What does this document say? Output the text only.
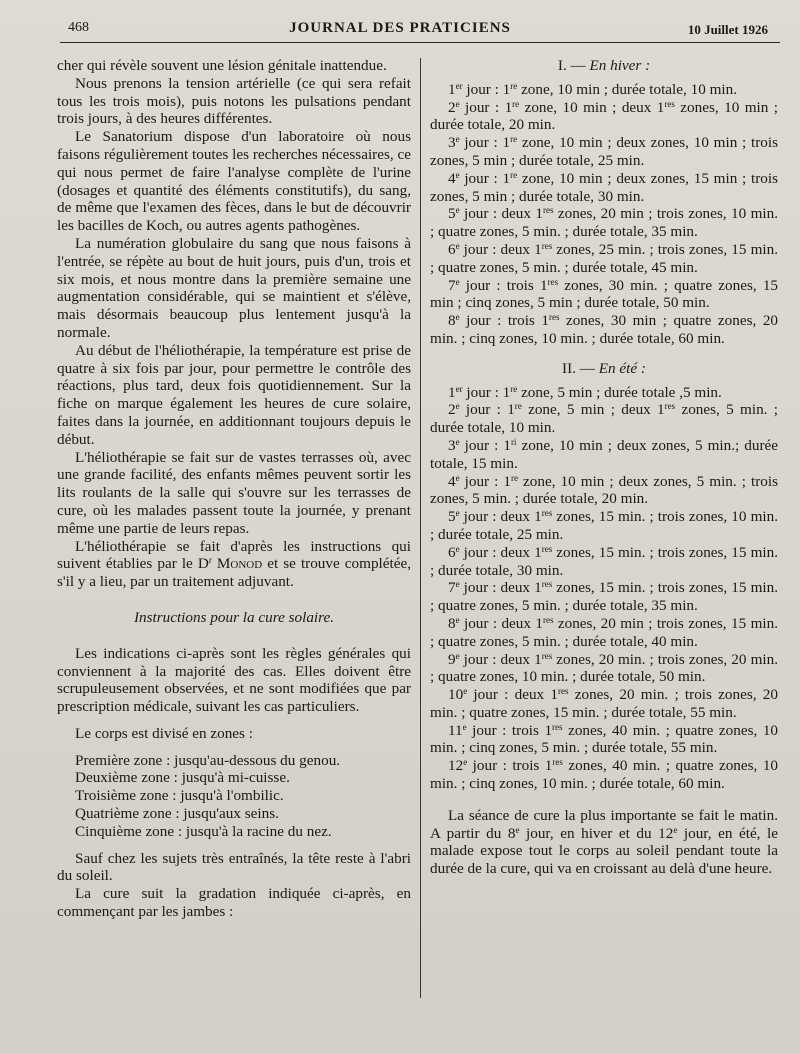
468	JOURNAL DES PRATICIENS	10 Juillet 1926

cher qui révèle souvent une lésion génitale inattendue.

Nous prenons la tension artérielle (ce qui sera refait tous les trois mois), puis notons les pulsations pendant trois jours, à des heures différentes.

Le Sanatorium dispose d'un laboratoire où nous faisons régulièrement toutes les recherches nécessaires, ce qui nous permet de faire l'analyse complète de l'urine (dosages et quantité des éléments constitutifs), du sang, de même que l'examen des fèces, dans le but de découvrir les bacilles de Koch, ou autres agents pathogènes.

La numération globulaire du sang que nous faisons à l'entrée, se répète au bout de huit jours, puis d'un, trois et six mois, et nous montre dans la première semaine une augmentation considérable, qui se maintient et s'élève, mais désormais beaucoup plus lentement jusqu'à la normale.

Au début de l'héliothérapie, la température est prise de quatre à six fois par jour, pour permettre le contrôle des réactions, plus tard, deux fois quotidiennement. Sur la fiche on marque également les heures de cure solaire, faites dans la journée, en additionnant toujours depuis le début.

L'héliothérapie se fait sur de vastes terrasses où, avec une grande facilité, des enfants mêmes peuvent sortir les lits roulants de la salle qui s'ouvre sur les terrasses de cure, où les malades passent toute la journée, y prenant même une partie de leurs repas.

L'héliothérapie se fait d'après les instructions qui suivent établies par le $D^r$ Monod et se trouve complétée, s'il y a lieu, par un traitement adjuvant.

Instructions pour la cure solaire.

Les indications ci-après sont les règles générales qui conviennent à la majorité des cas. Elles doivent être scrupuleusement observées, et ne sont modifiées que par prescription médicale, suivant les cas particuliers.

Le corps est divisé en zones :

Première zone : jusqu'au-dessous du genou.
Deuxième zone : jusqu'à mi-cuisse.
Troisième zone : jusqu'à l'ombilic.
Quatrième zone : jusqu'aux seins.
Cinquième zone : jusqu'à la racine du nez.

Sauf chez les sujets très entraînés, la tête reste à l'abri du soleil.

La cure suit la gradation indiquée ci-après, en commençant par les jambes :

I. — En hiver :

1er jour : 1re zone, 10 min ; durée totale, 10 min.

2e jour : 1re zone, 10 min ; deux 1res zones, 10 min ; durée totale, 20 min.

3e jour : 1re zone, 10 min ; deux zones, 10 min ; trois zones, 5 min ; durée totale, 25 min.

4e jour : 1re zone, 10 min ; deux zones, 15 min ; trois zones, 5 min ; durée totale, 30 min.

5e jour : deux 1res zones, 20 min ; trois zones, 10 min. ; quatre zones, 5 min. ; durée totale, 35 min.

6e jour : deux 1res zones, 25 min. ; trois zones, 15 min. ; quatre zones, 5 min. ; durée totale, 45 min.

7e jour : trois 1res zones, 30 min. ; quatre zones, 15 min ; cinq zones, 5 min ; durée totale, 50 min.

8e jour : trois 1res zones, 30 min ; quatre zones, 20 min. ; cinq zones, 10 min. ; durée totale, 60 min.

II. — En été :

1er jour : 1re zone, 5 min ; durée totale ,5 min.

2e jour : 1re zone, 5 min ; deux 1res zones, 5 min. ; durée totale, 10 min.

3e jour : $1^{ri}$ zone, 10 min ; deux zones, 5 min.; durée totale, 15 min.

4e jour : 1re zone, 10 min ; deux zones, 5 min. ; trois zones, 5 min. ; durée totale, 20 min.

5e jour : deux 1res zones, 15 min. ; trois zones, 10 min. ; durée totale, 25 min.

6e jour : deux 1res zones, 15 min. ; trois zones, 15 min. ; durée totale, 30 min.

7e jour : deux 1res zones, 15 min. ; trois zones, 15 min. ; quatre zones, 5 min. ; durée totale, 35 min.

8e jour : deux 1res zones, 20 min ; trois zones, 15 min. ; quatre zones, 5 min. ; durée totale, 40 min.

9e jour : deux 1res zones, 20 min. ; trois zones, 20 min. ; quatre zones, 10 min. ; durée totale, 50 min.

10e jour : deux 1res zones, 20 min. ; trois zones, 20 min. ; quatre zones, 15 min. ; durée totale, 55 min.

11e jour : trois 1res zones, 40 min. ; quatre zones, 10 min. ; cinq zones, 5 min. ; durée totale, 55 min.

12e jour : trois 1res zones, 40 min. ; quatre zones, 10 min. ; cinq zones, 10 min. ; durée totale, 60 min.

La séance de cure la plus importante se fait le matin. A partir du 8e jour, en hiver et du 12e jour, en été, le malade expose tout le corps au soleil pendant toute la durée de la cure, qui va en croissant au delà d'une heure.
